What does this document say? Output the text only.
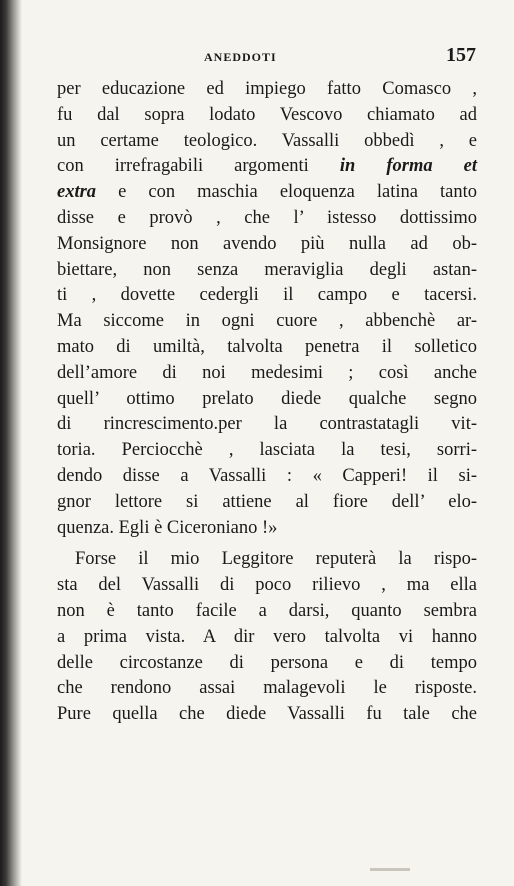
ANEDDOTI	157
per educazione ed impiego fatto Comasco ,
fu dal sopra lodato Vescovo chiamato ad
un certame teologico. Vassalli obbedì , e
con irrefragabili argomenti in forma et
extra e con maschia eloquenza latina tanto
disse e provò , che l’ istesso dottissimo
Monsignore non avendo più nulla ad ob-
biettare, non senza meraviglia degli astan-
ti , dovette cedergli il campo e tacersi.
Ma siccome in ogni cuore , abbenchè ar-
mato di umiltà, talvolta penetra il solletico
dell’amore di noi medesimi ; così anche
quell’ ottimo prelato diede qualche segno
di rincrescimento.per la contrastatagli vit-
toria. Perciocchè , lasciata la tesi, sorri-
dendo disse a Vassalli : « Capperi! il si-
gnor lettore si attiene al fiore dell’ elo-
quenza. Egli è Ciceroniano !»
Forse il mio Leggitore reputerà la rispo-
sta del Vassalli di poco rilievo , ma ella
non è tanto facile a darsi, quanto sembra
a prima vista. A dir vero talvolta vi hanno
delle circostanze di persona e di tempo
che rendono assai malagevoli le risposte.
Pure quella che diede Vassalli fu tale che
